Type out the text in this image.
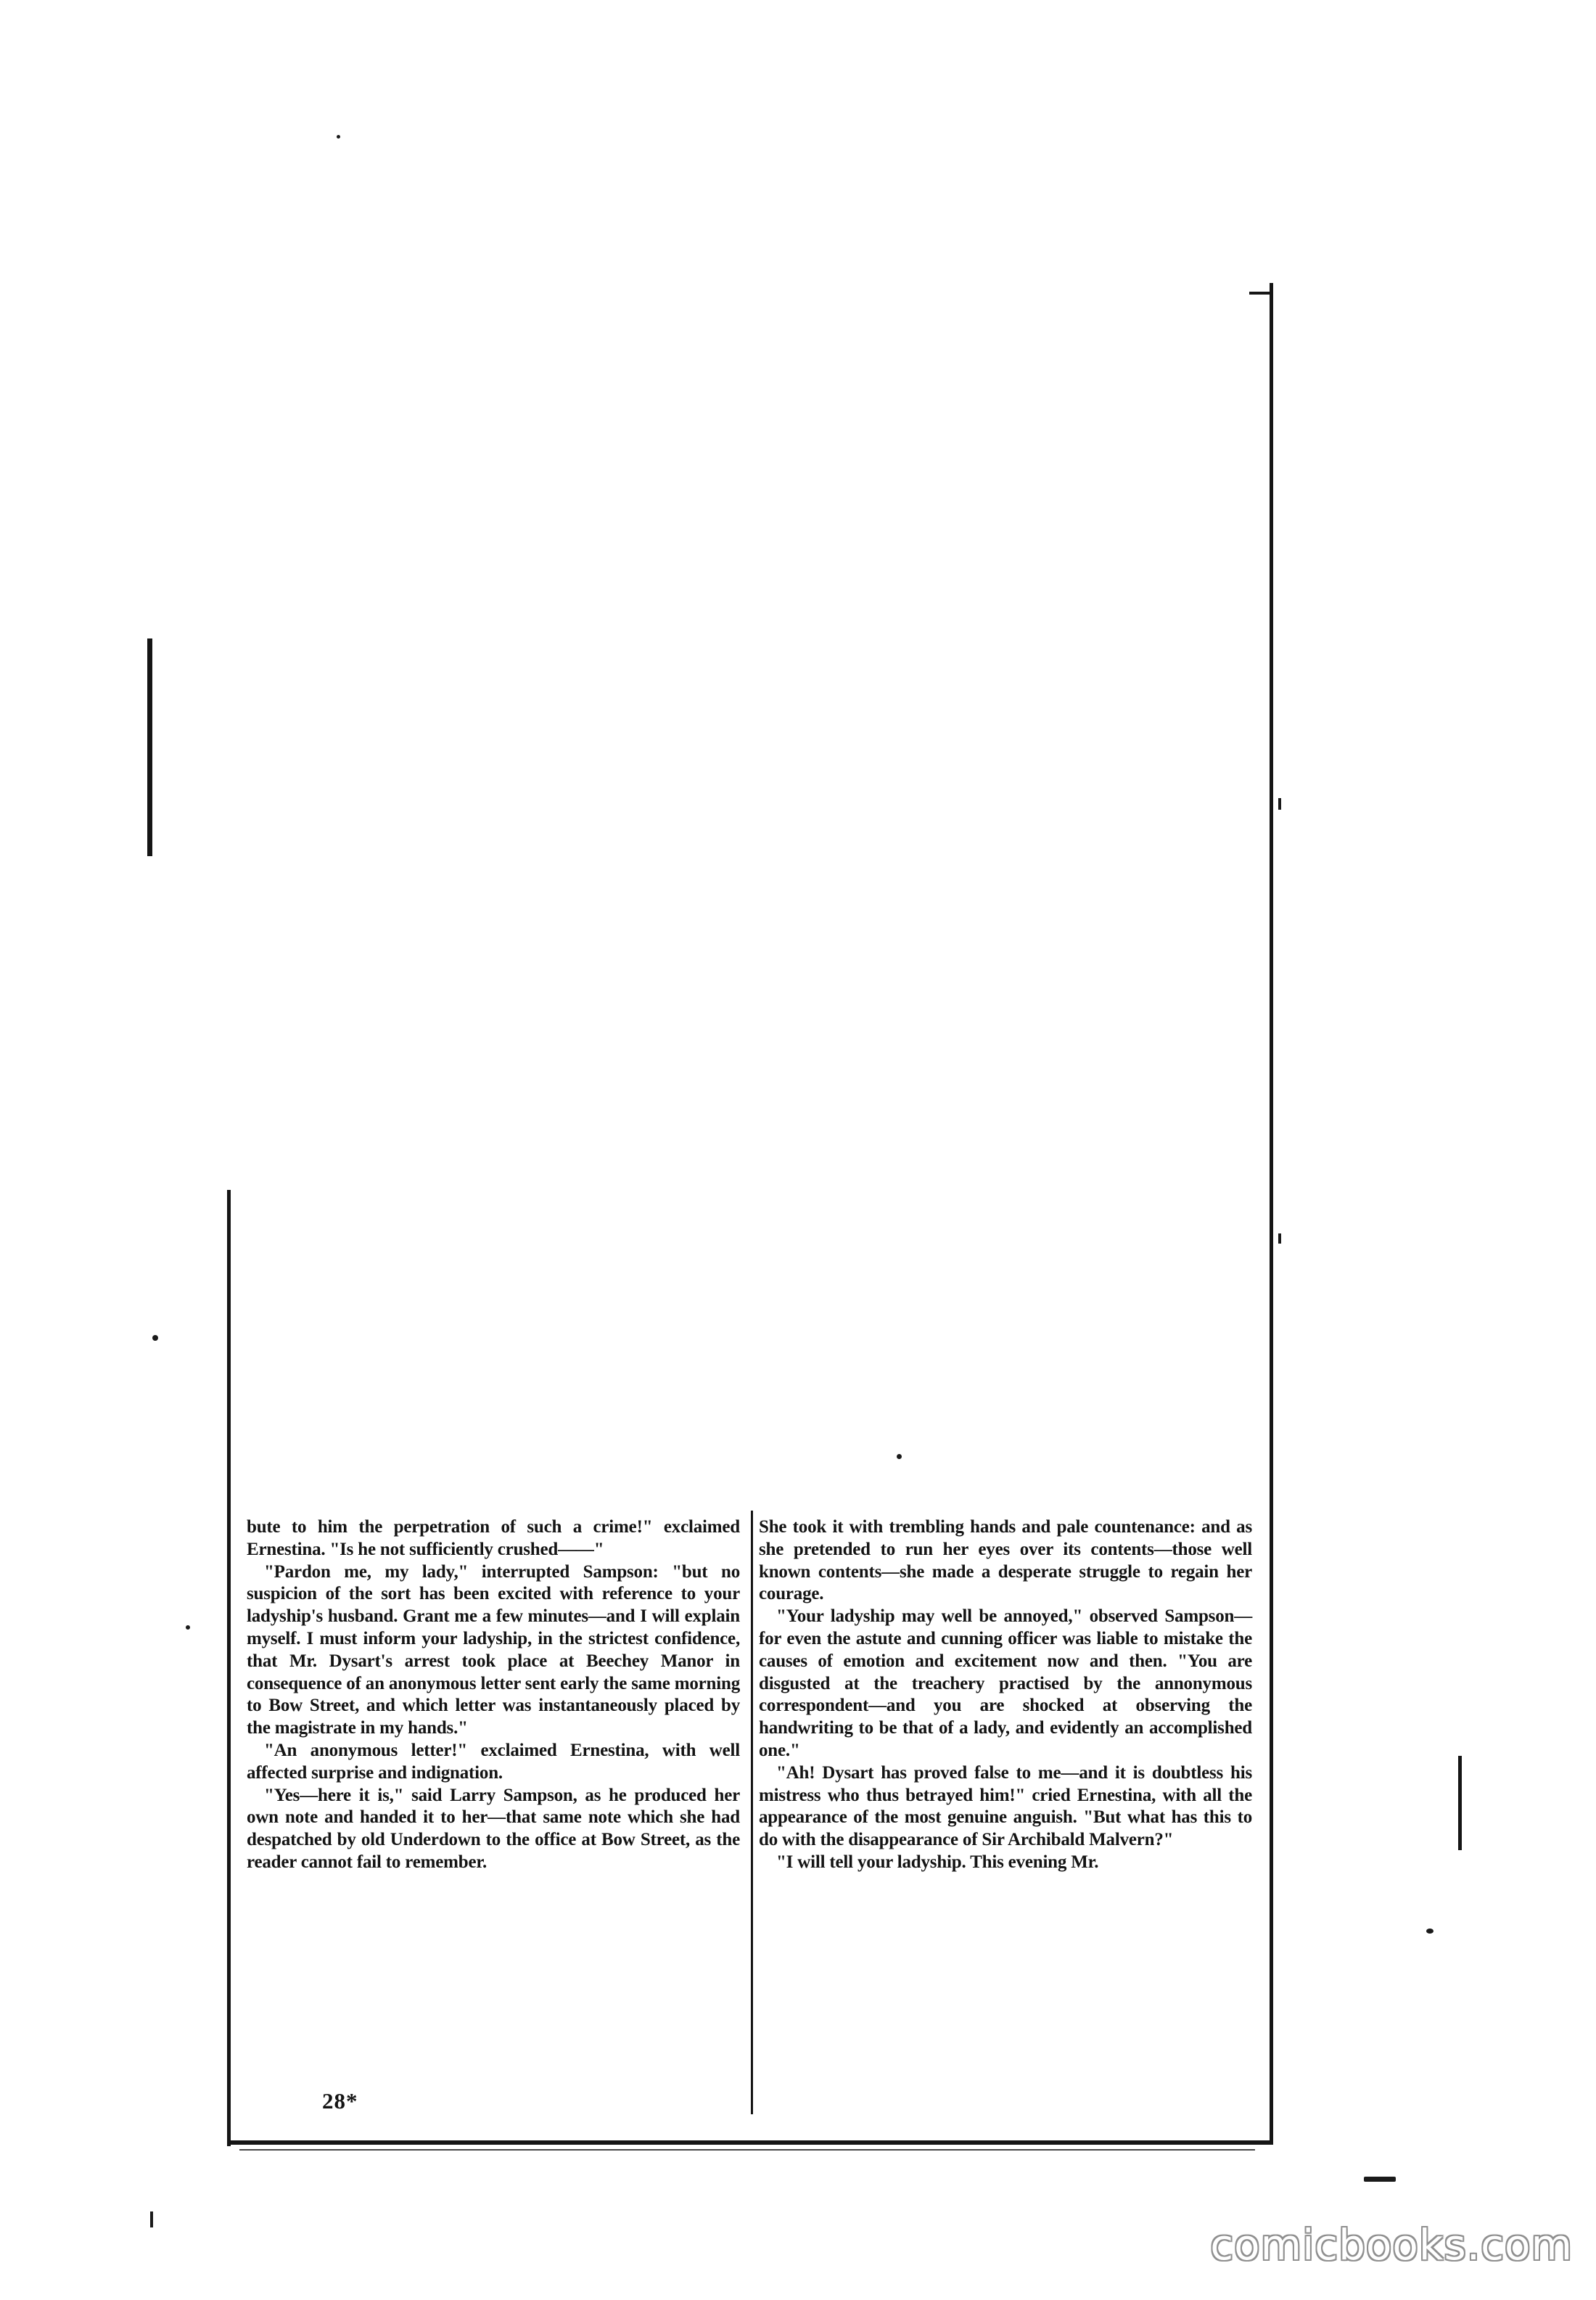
bute to him the perpetration of such a crime!" exclaimed Ernestina. "Is he not sufficiently crushed——"

"Pardon me, my lady," interrupted Sampson: "but no suspicion of the sort has been excited with reference to your ladyship's husband. Grant me a few minutes—and I will explain myself. I must inform your ladyship, in the strictest confidence, that Mr. Dysart's arrest took place at Beechey Manor in consequence of an anonymous letter sent early the same morning to Bow Street, and which letter was instantaneously placed by the magistrate in my hands."

"An anonymous letter!" exclaimed Ernestina, with well affected surprise and indignation.

"Yes—here it is," said Larry Sampson, as he produced her own note and handed it to her—that same note which she had despatched by old Underdown to the office at Bow Street, as the reader cannot fail to remember.

She took it with trembling hands and pale countenance: and as she pretended to run her eyes over its contents—those well known contents—she made a desperate struggle to regain her courage.

"Your ladyship may well be annoyed," observed Sampson—for even the astute and cunning officer was liable to mistake the causes of emotion and excitement now and then. "You are disgusted at the treachery practised by the annonymous correspondent—and you are shocked at observing the handwriting to be that of a lady, and evidently an accomplished one."

"Ah! Dysart has proved false to me—and it is doubtless his mistress who thus betrayed him!" cried Ernestina, with all the appearance of the most genuine anguish. "But what has this to do with the disappearance of Sir Archibald Malvern?"

"I will tell your ladyship. This evening Mr.

28*
comicbooks.com
